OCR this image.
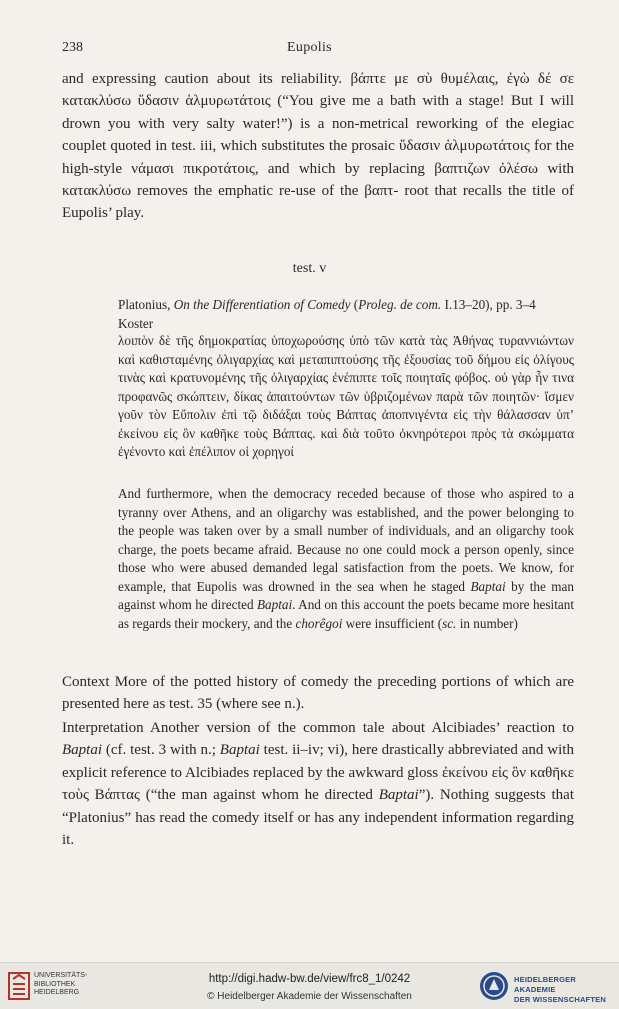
238	Eupolis
and expressing caution about its reliability. βάπτε με σὺ θυμέλαις, ἐγὼ δέ σε κατακλύσω ὕδασιν ἁλμυρωτάτοις (“You give me a bath with a stage! But I will drown you with very salty water!”) is a non-metrical reworking of the elegiac couplet quoted in test. iii, which substitutes the prosaic ὕδασιν ἁλμυρωτάτοις for the high-style νάμασι πικροτάτοις, and which by replacing βαπτιζων ὀλέσω with κατακλύσω removes the emphatic re-use of the βαπτ- root that recalls the title of Eupolis’ play.
test. v
Platonius, On the Differentiation of Comedy (Proleg. de com. I.13–20), pp. 3–4 Koster
λοιπὸν δὲ τῆς δημοκρατίας ὑποχωρούσης ὑπὸ τῶν κατὰ τὰς Ἀθήνας τυραννιώντων καὶ καθισταμένης ὀλιγαρχίας καὶ μεταπιπτούσης τῆς ἐξουσίας τοῦ δήμου εἰς ὀλίγους τινὰς καὶ κρατυνομένης τῆς ὀλιγαρχίας ἐνέπιπτε τοῖς ποιηταῖς φόβος. οὐ γὰρ ἦν τινα προφανῶς σκώπτειν, δίκας ἀπαιτούντων τῶν ὑβριζομένων παρὰ τῶν ποιητῶν· ἴσμεν γοῦν τὸν Εὔπολιν ἐπὶ τῷ διδάξαι τοὺς Βάπτας ἀποπνιγέντα εἰς τὴν θάλασσαν ὑπ’ ἐκείνου εἰς ὃν καθῆκε τοὺς Βάπτας. καὶ διὰ τοῦτο ὀκνηρότεροι πρὸς τὰ σκώμματα ἐγένοντο καὶ ἐπέλιπον οἱ χορηγοί
And furthermore, when the democracy receded because of those who aspired to a tyranny over Athens, and an oligarchy was established, and the power belonging to the people was taken over by a small number of individuals, and an oligarchy took charge, the poets became afraid. Because no one could mock a person openly, since those who were abused demanded legal satisfaction from the poets. We know, for example, that Eupolis was drowned in the sea when he staged Baptai by the man against whom he directed Baptai. And on this account the poets became more hesitant as regards their mockery, and the chorêgoi were insufficient (sc. in number)
Context More of the potted history of comedy the preceding portions of which are presented here as test. 35 (where see n.).
Interpretation Another version of the common tale about Alcibiades’ reaction to Baptai (cf. test. 3 with n.; Baptai test. ii–iv; vi), here drastically abbreviated and with explicit reference to Alcibiades replaced by the awkward gloss ἐκείνου εἰς ὃν καθῆκε τοὺς Βάπτας (“the man against whom he directed Baptai”). Nothing suggests that “Platonius” has read the comedy itself or has any independent information regarding it.
UNIVERSITÄTS-
BIBLIOTHEK
HEIDELBERG
http://digi.hadw-bw.de/view/frc8_1/0242
© Heidelberger Akademie der Wissenschaften
HEIDELBERGER AKADEMIE
DER WISSENSCHAFTEN
